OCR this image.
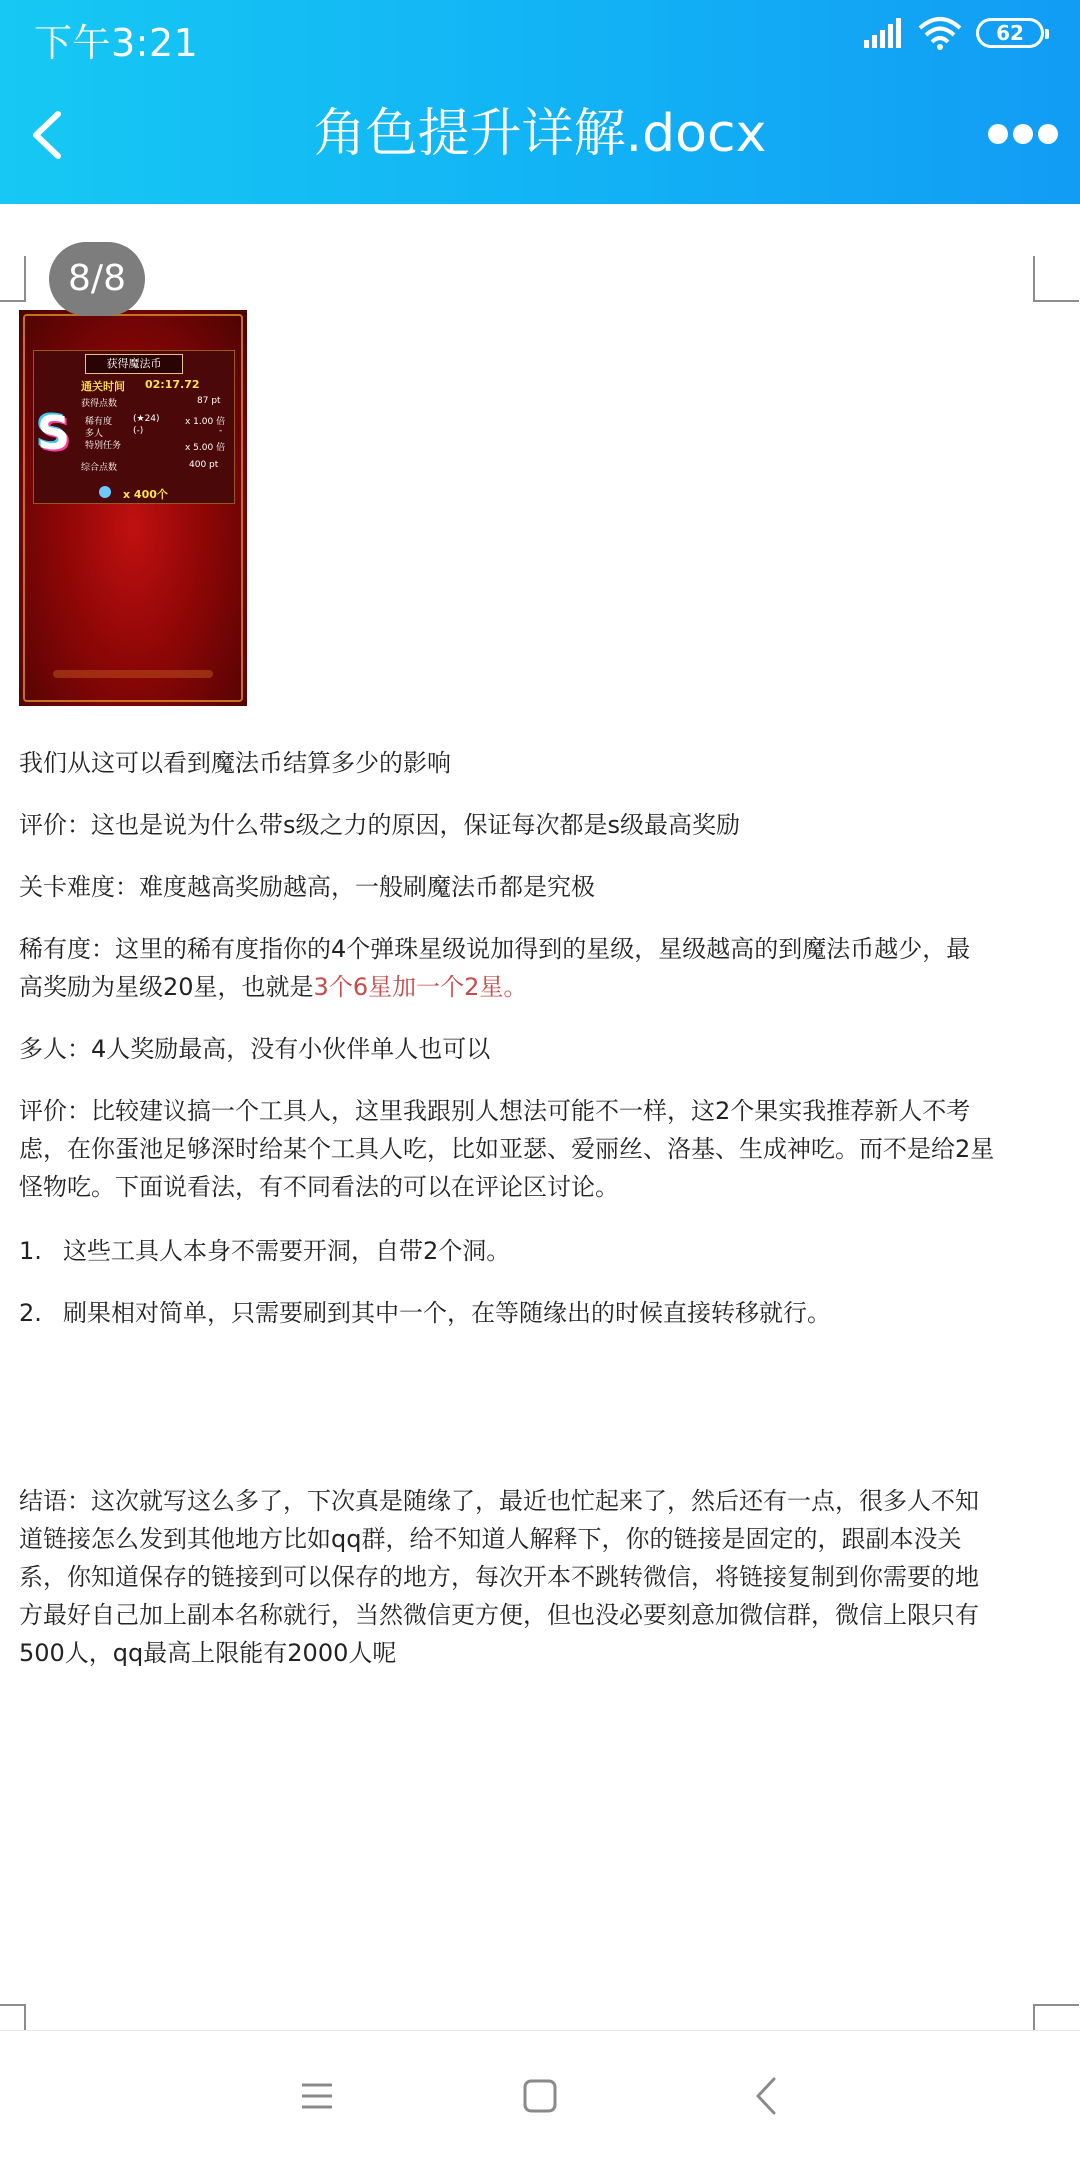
下午3:21	62
角色提升详解.docx
获得魔法币
通关时间 02:17.72
获得点数	87 pt
S 稀有度 (★24)	x 1.00 倍
多人	(-)	-
特别任务	x 5.00 倍
综合点数	400 pt
x 400个
8/8
我们从这可以看到魔法币结算多少的影响
评价：这也是说为什么带s级之力的原因，保证每次都是s级最高奖励
关卡难度：难度越高奖励越高，一般刷魔法币都是究极
稀有度：这里的稀有度指你的4个弹珠星级说加得到的星级，星级越高的到魔法币越少，最
高奖励为星级20星，也就是3个6星加一个2星。
多人：4人奖励最高，没有小伙伴单人也可以
评价：比较建议搞一个工具人，这里我跟别人想法可能不一样，这2个果实我推荐新人不考
虑，在你蛋池足够深时给某个工具人吃，比如亚瑟、爱丽丝、洛基、生成神吃。而不是给2星
怪物吃。下面说看法，有不同看法的可以在评论区讨论。
1. 这些工具人本身不需要开洞，自带2个洞。
2. 刷果相对简单，只需要刷到其中一个，在等随缘出的时候直接转移就行。
结语：这次就写这么多了，下次真是随缘了，最近也忙起来了，然后还有一点，很多人不知
道链接怎么发到其他地方比如qq群，给不知道人解释下，你的链接是固定的，跟副本没关
系，你知道保存的链接到可以保存的地方，每次开本不跳转微信，将链接复制到你需要的地
方最好自己加上副本名称就行，当然微信更方便，但也没必要刻意加微信群，微信上限只有
500人，qq最高上限能有2000人呢
